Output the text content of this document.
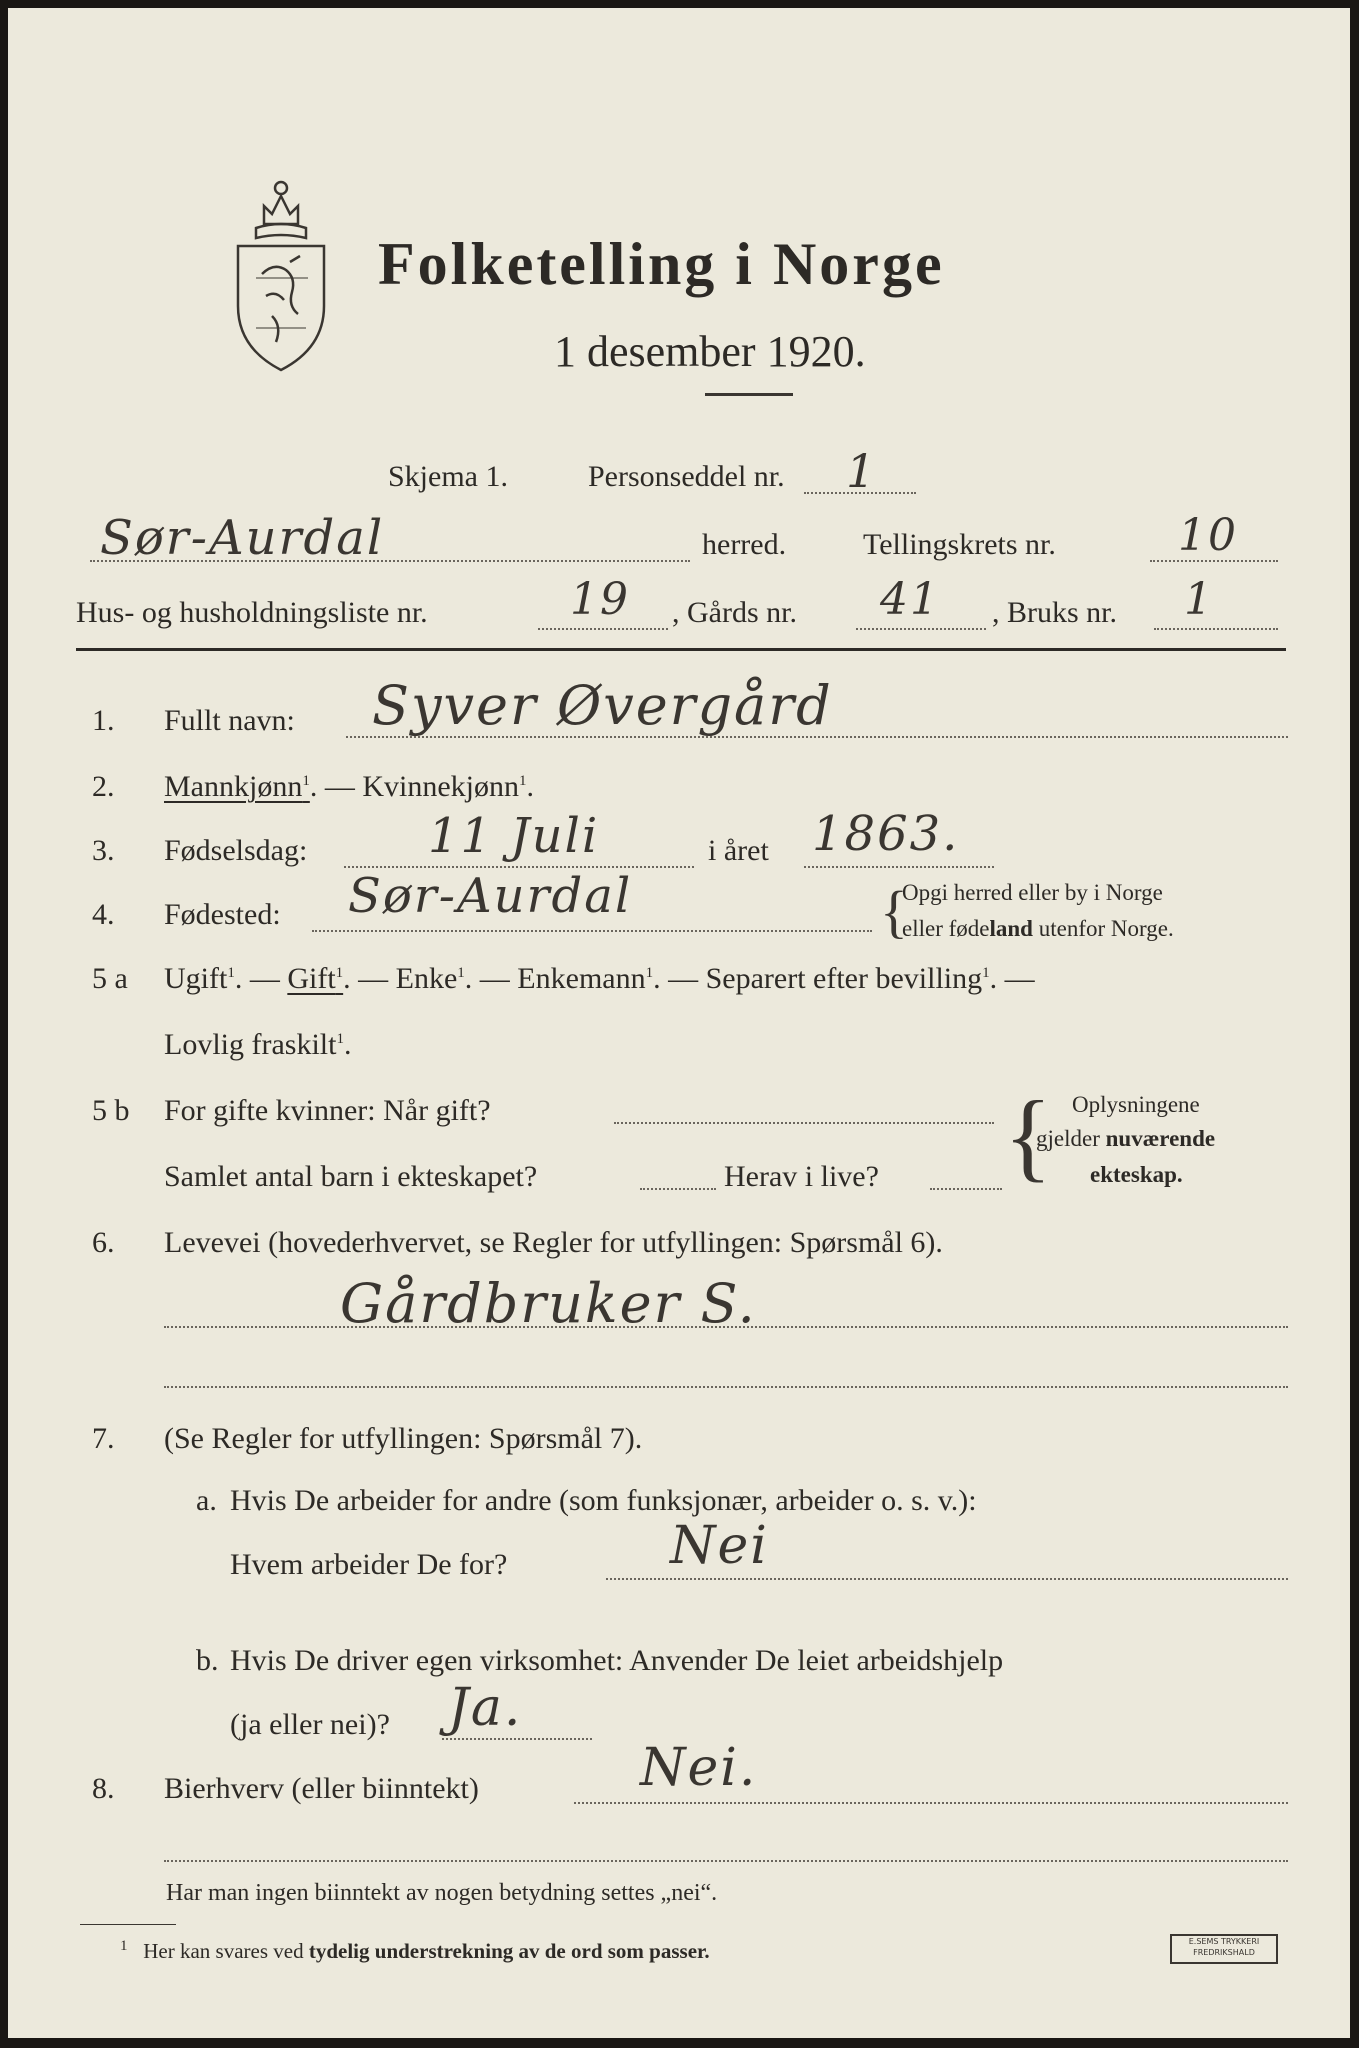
Folketelling i Norge
1 desember 1920.
Skjema 1.	Personseddel nr. 1
Sør-Aurdal	herred.	Tellingskrets nr.	10
Hus- og husholdningsliste nr.	19 , Gårds nr. 41 , Bruks nr. 1
1. Fullt navn: Syver Øvergård
2. Mannkjønn$^1$. — Kvinnekjønn$^1$.
3. Fødselsdag:	11 Juli	i året 1863.
4. Fødested: Sør-Aurdal	{
Opgi herred eller by i Norge
eller fødeland utenfor Norge.
5 a Ugift$^1$. — Gift$^1$. — Enke$^1$. — Enkemann$^1$. — Separert efter bevilling$^1$. —
Lovlig fraskilt$^1$.
5 b For gifte kvinner: Når gift?
Samlet antal barn i ekteskapet?	Herav i live? { Oplysningene
gjelder nuværende
ekteskap.
6. Levevei (hovederhvervet, se Regler for utfyllingen: Spørsmål 6).
Gårdbruker S.
7. (Se Regler for utfyllingen: Spørsmål 7).
a. Hvis De arbeider for andre (som funksjonær, arbeider o. s. v.):
Hvem arbeider De for?	Nei
b. Hvis De driver egen virksomhet: Anvender De leiet arbeidshjelp
(ja eller nei)? Ja.
8. Bierhverv (eller biinntekt)	Nei.
Har man ingen biinntekt av nogen betydning settes „nei“.
$^1$ Her kan svares ved tydelig understrekning av de ord som passer.	E.SEMS TRYKKERI
FREDRIKSHALD
